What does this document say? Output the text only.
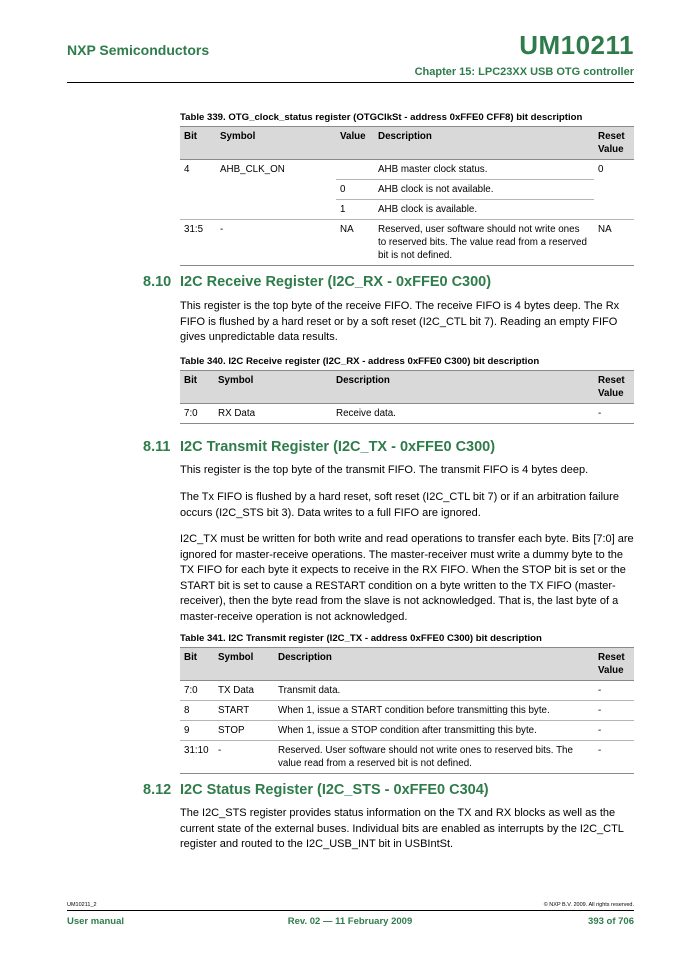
NXP Semiconductors	UM10211
Chapter 15: LPC23XX USB OTG controller
Table 339. OTG_clock_status register (OTGClkSt - address 0xFFE0 CFF8) bit description
Bit	Symbol	Value	Description	Reset Value
4	AHB_CLK_ON		AHB master clock status.	0
		0	AHB clock is not available.	
		1	AHB clock is available.	
31:5	-	NA	Reserved, user software should not write ones to reserved bits. The value read from a reserved bit is not defined.	NA
8.10 I2C Receive Register (I2C_RX - 0xFFE0 C300)
This register is the top byte of the receive FIFO. The receive FIFO is 4 bytes deep. The Rx FIFO is flushed by a hard reset or by a soft reset (I2C_CTL bit 7). Reading an empty FIFO gives unpredictable data results.
Table 340. I2C Receive register (I2C_RX - address 0xFFE0 C300) bit description
Bit	Symbol	Description	Reset Value
7:0	RX Data	Receive data.	-
8.11 I2C Transmit Register (I2C_TX - 0xFFE0 C300)
This register is the top byte of the transmit FIFO. The transmit FIFO is 4 bytes deep.
The Tx FIFO is flushed by a hard reset, soft reset (I2C_CTL bit 7) or if an arbitration failure occurs (I2C_STS bit 3). Data writes to a full FIFO are ignored.
I2C_TX must be written for both write and read operations to transfer each byte. Bits [7:0] are ignored for master-receive operations. The master-receiver must write a dummy byte to the TX FIFO for each byte it expects to receive in the RX FIFO. When the STOP bit is set or the START bit is set to cause a RESTART condition on a byte written to the TX FIFO (master-receiver), then the byte read from the slave is not acknowledged. That is, the last byte of a master-receive operation is not acknowledged.
Table 341. I2C Transmit register (I2C_TX - address 0xFFE0 C300) bit description
Bit	Symbol	Description	Reset Value
7:0	TX Data	Transmit data.	-
8	START	When 1, issue a START condition before transmitting this byte.	-
9	STOP	When 1, issue a STOP condition after transmitting this byte.	-
31:10	-	Reserved. User software should not write ones to reserved bits. The value read from a reserved bit is not defined.	-
8.12 I2C Status Register (I2C_STS - 0xFFE0 C304)
The I2C_STS register provides status information on the TX and RX blocks as well as the current state of the external buses. Individual bits are enabled as interrupts by the I2C_CTL register and routed to the I2C_USB_INT bit in USBIntSt.
UM10211_2	© NXP B.V. 2009. All rights reserved.
User manual	Rev. 02 — 11 February 2009	393 of 706
